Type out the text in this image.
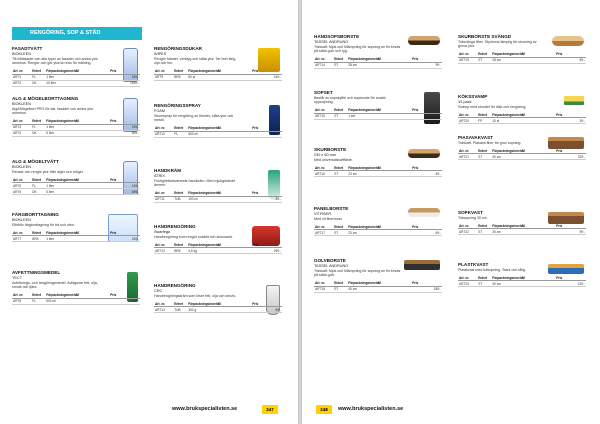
RENGÖRING, SOP & STÄD
FASADTVÄTT
BIOKLEEN
Till träfasader och alla typer av fasader och andra ytor utomhus. Rengör och gör ytorna redo för målning.
Art. nr.	Enhet	Förpackningsinnehåll	Pris
ART1	FL	1 liter	189:-
ART2	DK	10 liter	1490:-
ALG & MÖGELBORTTAGNING
BIOKLEEN
Alg&Mögelbort PRO för tak, fasader och andra ytor utomhus.
Art. nr.	Enhet	Förpackningsinnehåll	Pris
ART3	FL	1 liter	199:-
ART4	DK	5 liter	699:-
ALG & MÖGELTVÄTT
BIOKLEEN
Rensar och rengör ytor från alger och mögel.
Art. nr.	Enhet	Förpackningsinnehåll	Pris
ART5	FL	1 liter	149:-
ART6	DK	5 liter	499:-
FÄRGBORTTAGNING
BIOKLEEN
Effektiv färgborttagning för trä och sten.
Art. nr.	Enhet	Förpackningsinnehåll	Pris
ART7	BRK	1 liter	249:-
AVFETTNINGSMEDEL
TEC7
Avfettnings- och rengöringsmedel. Avlägsnar fett, olja, smuts och tjära.
Art. nr.	Enhet	Förpackningsinnehåll	Pris
ART8	FL	500 ml	89:-
RENGÖRINGSDUKAR
WIPES
Rengör händer, verktyg och släta ytor. Tar bort färg, olja och lim.
Art. nr.	Enhet	Förpackningsinnehåll	Pris
ART9	BRK	80 st	149:-
RENGÖRINGSSPRAY
FOAM
Skumspray för rengöring av fönster, släta ytor och metall.
Art. nr.	Enhet	Förpackningsinnehåll	Pris
ART10	FL	500 ml	69:-
HANDKRÄM
ATRIX
Fuktighetsbevarande handkräm. Med mjukgörande ämnen.
Art. nr.	Enhet	Förpackningsinnehåll	Pris
ART11	TUB	100 ml	39:-
HANDRENGÖRING
Swarfega
Handrengöring som rengör snabbt och skonsamt.
Art. nr.	Enhet	Förpackningsinnehåll	Pris
ART12	BRK	4,5 kg	299:-
HANDRENGÖRING
CRC
Handrengöringskräm som löser fett, olja och smuts.
Art. nr.	Enhet	Förpackningsinnehåll	Pris
ART13	TUB	300 g	89:-
www.brukspecialisten.se	247
HANDSOPSBORSTE
TASSEL ANDRUNG
Träskaft. Mjuk och tillämpning för sopning av fin smuts på släta golv och tyg.
Art. nr.	Enhet	Förpackningsinnehåll	Pris
ART14	ST	28 cm	99:-
SOPSET
Består av sopskyffel och sopborste för snabb uppsopning.
Art. nr.	Enhet	Förpackningsinnehåll	Pris
ART15	ST	1 set	149:-
SKURBORSTE
230 x 60 mm
Med universalskaftfäste.
Art. nr.	Enhet	Förpackningsinnehåll	Pris
ART16	ST	23 cm	49:-
PANELBORSTE
VITFIBER
Med vit fiberborst.
Art. nr.	Enhet	Förpackningsinnehåll	Pris
ART17	ST	23 cm	69:-
GOLVBORSTE
TASSEL ANDRUNG
Träskaft. Mjuk och tillämpning för sopning av fin smuts på släta golv.
Art. nr.	Enhet	Förpackningsinnehåll	Pris
ART18	ST	40 cm	189:-
SKURBORSTE SVÄNGD
Träsvängd fiber. Styvborst lämplig för skurning av grova ytor.
Art. nr.	Enhet	Förpackningsinnehåll	Pris
ART19	ST	28 cm	59:-
KÖKSSVAMP
10-pack
Svamp med skurdel för disk och rengöring.
Art. nr.	Enhet	Förpackningsinnehåll	Pris
ART20	FP	10 st	39:-
PIASAVAKVAST
Träskaft. Piasava fiber för grov sopning.
Art. nr.	Enhet	Förpackningsinnehåll	Pris
ART21	ST	40 cm	229:-
SOPKVAST
Träsopning 30 cm.
Art. nr.	Enhet	Förpackningsinnehåll	Pris
ART22	ST	30 cm	99:-
PLASTKVAST
Plastkvast med träsopning. Stark och tålig.
Art. nr.	Enhet	Förpackningsinnehåll	Pris
ART23	ST	30 cm	129:-
248	www.brukspecialisten.se
